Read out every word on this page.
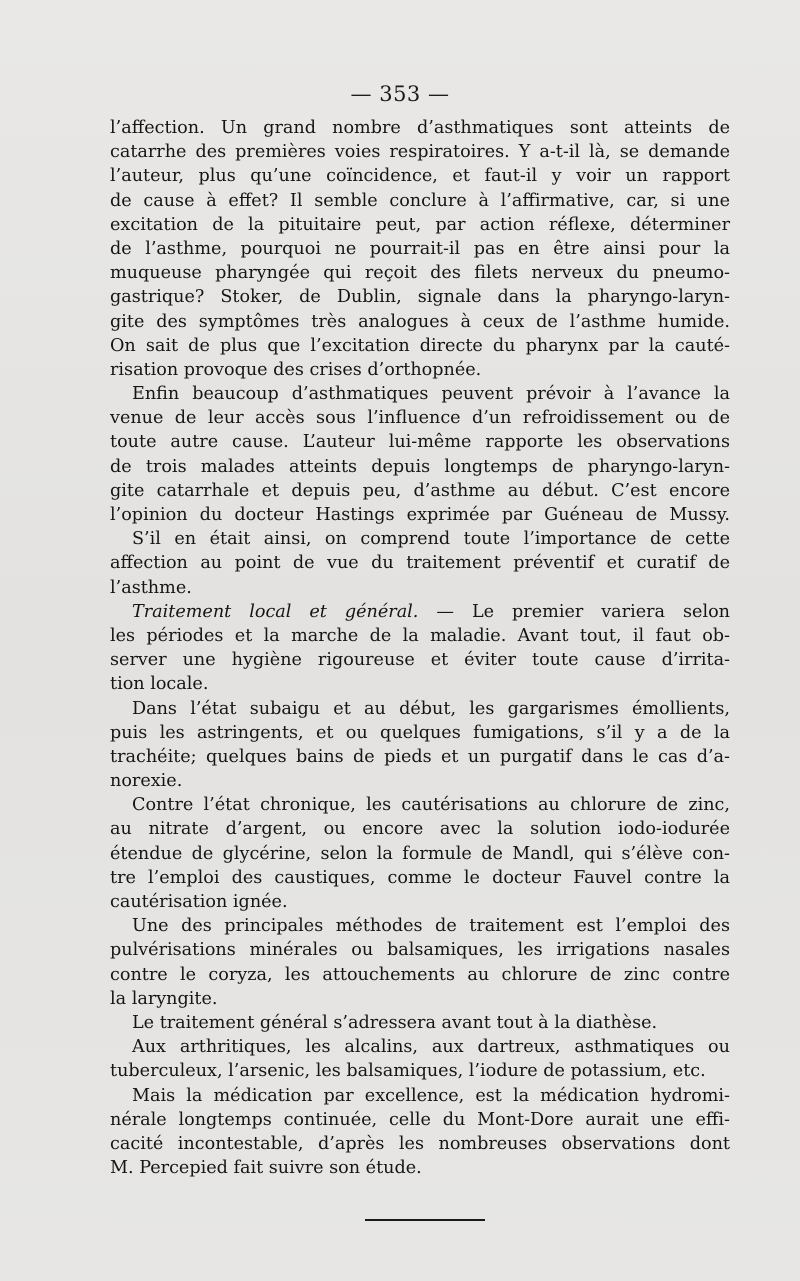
— 353 —
l’affection. Un grand nombre d’asthmatiques sont atteints de
catarrhe des premières voies respiratoires. Y a-t-il là, se demande
l’auteur, plus qu’une coïncidence, et faut-il y voir un rapport
de cause à effet? Il semble conclure à l’affirmative, car, si une
excitation de la pituitaire peut, par action réflexe, déterminer
de l’asthme, pourquoi ne pourrait-il pas en être ainsi pour la
muqueuse pharyngée qui reçoit des filets nerveux du pneumo-
gastrique? Stoker, de Dublin, signale dans la pharyngo-laryn-
gite des symptômes très analogues à ceux de l’asthme humide.
On sait de plus que l’excitation directe du pharynx par la cauté-
risation provoque des crises d’orthopnée.
Enfin beaucoup d’asthmatiques peuvent prévoir à l’avance la
venue de leur accès sous l’influence d’un refroidissement ou de
toute autre cause. L’auteur lui-même rapporte les observations
de trois malades atteints depuis longtemps de pharyngo-laryn-
gite catarrhale et depuis peu, d’asthme au début. C’est encore
l’opinion du docteur Hastings exprimée par Guéneau de Mussy.
S’il en était ainsi, on comprend toute l’importance de cette
affection au point de vue du traitement préventif et curatif de
l’asthme.
Traitement local et général. — Le premier variera selon
les périodes et la marche de la maladie. Avant tout, il faut ob-
server une hygiène rigoureuse et éviter toute cause d’irrita-
tion locale.
Dans l’état subaigu et au début, les gargarismes émollients,
puis les astringents, et ou quelques fumigations, s’il y a de la
trachéite; quelques bains de pieds et un purgatif dans le cas d’a-
norexie.
Contre l’état chronique, les cautérisations au chlorure de zinc,
au nitrate d’argent, ou encore avec la solution iodo-iodurée
étendue de glycérine, selon la formule de Mandl, qui s’élève con-
tre l’emploi des caustiques, comme le docteur Fauvel contre la
cautérisation ignée.
Une des principales méthodes de traitement est l’emploi des
pulvérisations minérales ou balsamiques, les irrigations nasales
contre le coryza, les attouchements au chlorure de zinc contre
la laryngite.
Le traitement général s’adressera avant tout à la diathèse.
Aux arthritiques, les alcalins, aux dartreux, asthmatiques ou
tuberculeux, l’arsenic, les balsamiques, l’iodure de potassium, etc.
Mais la médication par excellence, est la médication hydromi-
nérale longtemps continuée, celle du Mont-Dore aurait une effi-
cacité incontestable, d’après les nombreuses observations dont
M. Percepied fait suivre son étude.
